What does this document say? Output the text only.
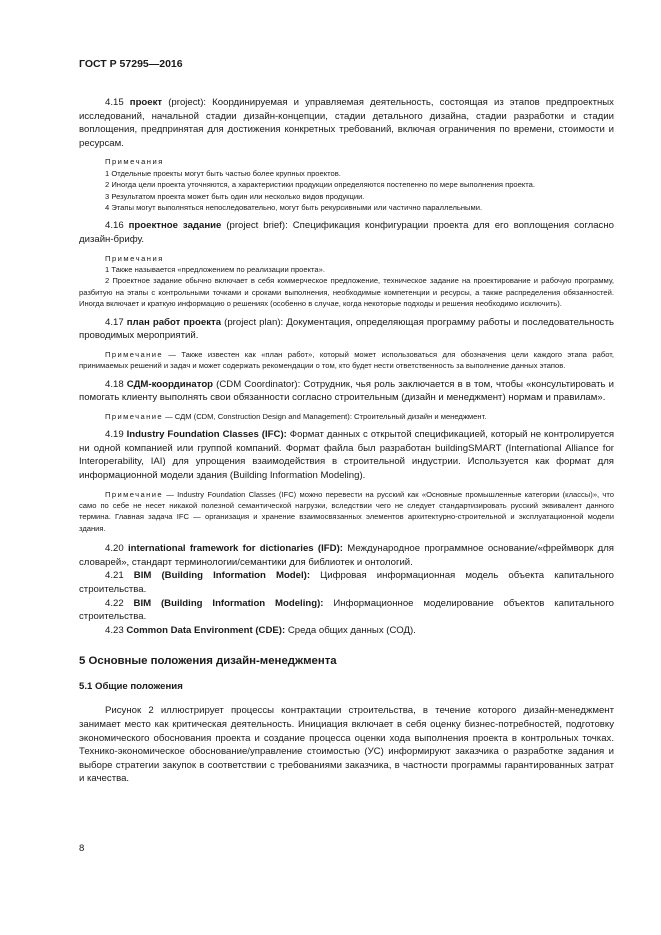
ГОСТ Р 57295—2016

4.15 проект (project): Координируемая и управляемая деятельность, состоящая из этапов предпроектных исследований, начальной стадии дизайн-концепции, стадии детального дизайна, стадии разработки и стадии воплощения, предпринятая для достижения конкретных требований, включая ограничения по времени, стоимости и ресурсам.

Примечания
1 Отдельные проекты могут быть частью более крупных проектов.
2 Иногда цели проекта уточняются, а характеристики продукции определяются постепенно по мере выполнения проекта.
3 Результатом проекта может быть один или несколько видов продукции.
4 Этапы могут выполняться непоследовательно, могут быть рекурсивными или частично параллельными.

4.16 проектное задание (project brief): Спецификация конфигурации проекта для его воплощения согласно дизайн-брифу.

Примечания
1 Также называется «предложением по реализации проекта».
2 Проектное задание обычно включает в себя коммерческое предложение, техническое задание на проектирование и рабочую программу, разбитую на этапы с контрольными точками и сроками выполнения, необходимые компетенции и ресурсы, а также распределения обязанностей. Иногда включает и краткую информацию о решениях (особенно в случае, когда некоторые подходы и решения необходимо исключить).

4.17 план работ проекта (project plan): Документация, определяющая программу работы и последовательность проводимых мероприятий.

Примечание — Также известен как «план работ», который может использоваться для обозначения цели каждого этапа работ, принимаемых решений и задач и может содержать рекомендации о том, кто будет нести ответственность за выполнение данных этапов.

4.18 СДМ-координатор (CDM Coordinator): Сотрудник, чья роль заключается в в том, чтобы «консультировать и помогать клиенту выполнять свои обязанности согласно строительным (дизайн и менеджмент) нормам и правилам».

Примечание — СДМ (CDM, Construction Design and Management): Строительный дизайн и менеджмент.

4.19 Industry Foundation Classes (IFC): Формат данных с открытой спецификацией, который не контролируется ни одной компанией или группой компаний. Формат файла был разработан buildingSMART (International Alliance for Interoperability, IAI) для упрощения взаимодействия в строительной индустрии. Используется как формат для информационной модели здания (Building Information Modeling).

Примечание — Industry Foundation Classes (IFC) можно перевести на русский как «Основные промышленные категории (классы)», что само по себе не несет никакой полезной семантической нагрузки, вследствии чего не следует стандартизировать русский эквивалент данного термина. Главная задача IFC — организация и хранение взаимосвязанных элементов архитектурно-строительной и эксплуатационной модели здания.

4.20 international framework for dictionaries (IFD): Международное программное основание/«фреймворк для словарей», стандарт терминологии/семантики для библиотек и онтологий.

4.21 BIM (Building Information Model): Цифровая информационная модель объекта капитального строительства.

4.22 BIM (Building Information Modeling): Информационное моделирование объектов капитального строительства.

4.23 Common Data Environment (CDE): Среда общих данных (СОД).

5 Основные положения дизайн-менеджмента

5.1 Общие положения

Рисунок 2 иллюстрирует процессы контрактации строительства, в течение которого дизайн-менеджмент занимает место как критическая деятельность. Инициация включает в себя оценку бизнес-потребностей, подготовку экономического обоснования проекта и создание процесса оценки хода выполнения проекта в контрольных точках. Технико-экономическое обоснование/управление стоимостью (УС) информируют заказчика о разработке задания и выборе стратегии закупок в соответствии с требованиями заказчика, в частности программы гарантированных затрат и качества.

8
